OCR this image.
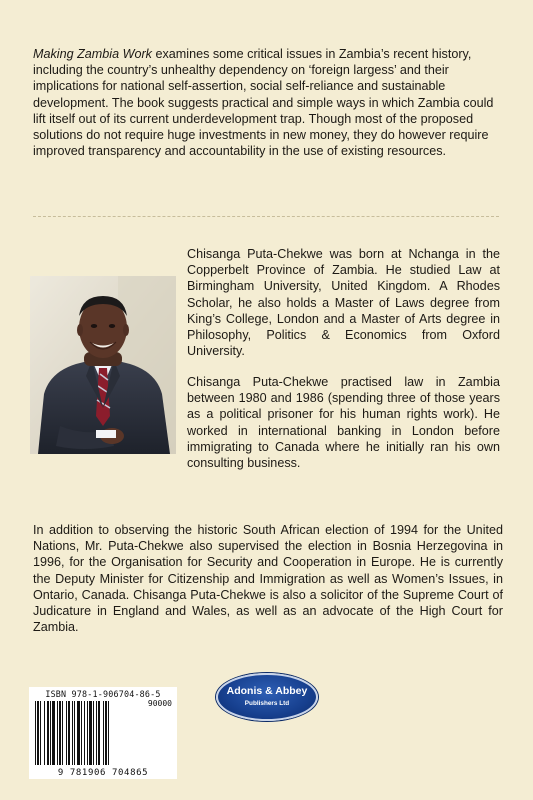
Making Zambia Work examines some critical issues in Zambia’s recent history, including the country’s unhealthy dependency on ‘foreign largess’ and their implications for national self-assertion, social self-reliance and sustainable development. The book suggests practical and simple ways in which Zambia could lift itself out of its current underdevelopment trap. Though most of the proposed solutions do not require huge investments in new money, they do however require improved transparency and accountability in the use of existing resources.

Chisanga Puta-Chekwe was born at Nchanga in the Copperbelt Province of Zambia. He studied Law at Birmingham University, United Kingdom. A Rhodes Scholar, he also holds a Master of Laws degree from King’s College, London and a Master of Arts degree in Philosophy, Politics & Economics from Oxford University.

Chisanga Puta-Chekwe practised law in Zambia between 1980 and 1986 (spending three of those years as a political prisoner for his human rights work). He worked in international banking in London before immigrating to Canada where he initially ran his own consulting business.

In addition to observing the historic South African election of 1994 for the United Nations, Mr. Puta-Chekwe also supervised the election in Bosnia Herzegovina in 1996, for the Organisation for Security and Cooperation in Europe. He is currently the Deputy Minister for Citizenship and Immigration as well as Women’s Issues, in Ontario, Canada. Chisanga Puta-Chekwe is also a solicitor of the Supreme Court of Judicature in England and Wales, as well as an advocate of the High Court for Zambia.

ISBN 978-1-906704-86-5
90000
9 781906 704865
Adonis & Abbey
Publishers Ltd
